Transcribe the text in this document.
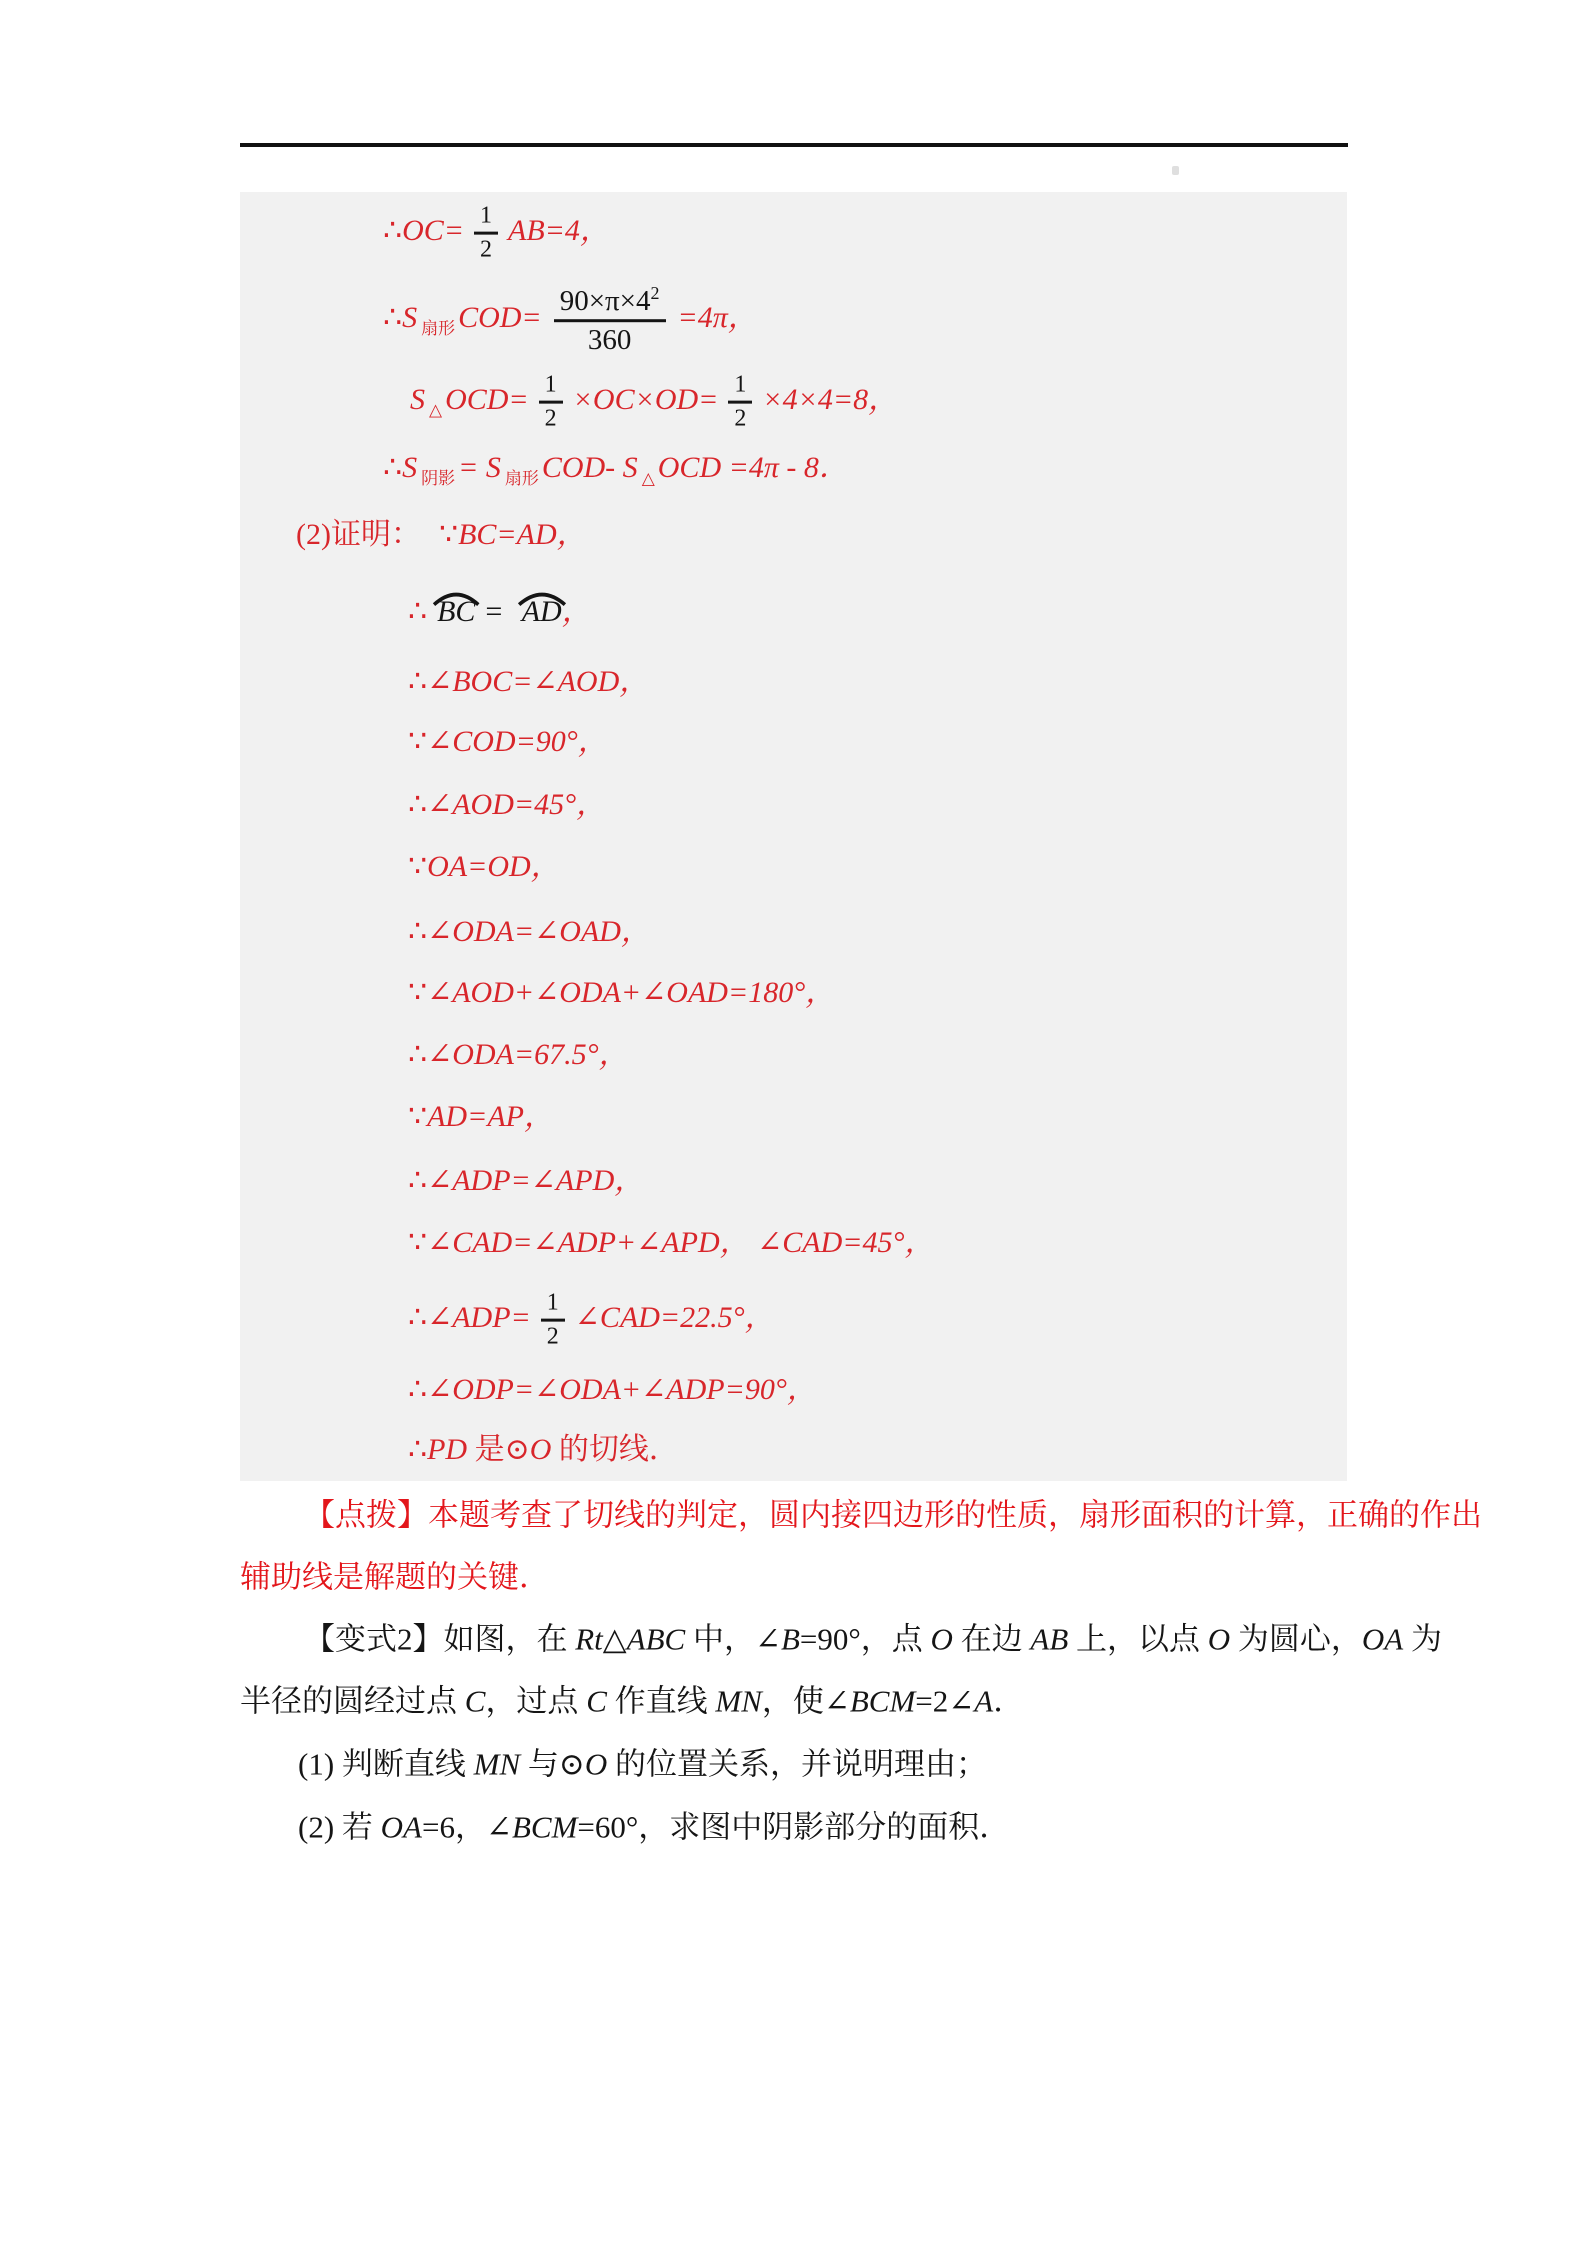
∴OC= $\frac{1}{2} AB=4$，
∴S $_{扇形}$ $COD= \frac{90\times\pi\times 4^2}{360} =4\pi$，
S $_\triangle$ $OCD= \frac{1}{2} \times OC\times OD= \frac{1}{2} \times 4\times 4=8$，
∴S $_{阴影}$ = S $_{扇形}$ COD- S $_\triangle$ OCD =4π - 8．
(2)证明： ∵BC=AD，
∴ BC = AD，
∴∠BOC=∠AOD，
∵∠COD=90°，
∴∠AOD=45°，
∵OA=OD，
∴∠ODA=∠OAD，
∵∠AOD+∠ODA+∠OAD=180°，
∴∠ODA=67.5°，
∵AD=AP，
∴∠ADP=∠APD，
∵∠CAD=∠ADP+∠APD， ∠CAD=45°，
∴∠ADP= $\frac{1}{2}$ ∠CAD=22.5°，
∴∠ODP=∠ODA+∠ADP=90°，
∴PD 是⊙O 的切线．
【点拨】本题考查了切线的判定，圆内接四边形的性质，扇形面积的计算，正确的作出
辅助线是解题的关键．
【变式2】如图，在 Rt△ABC 中，∠B=90°，点 O 在边 AB 上，以点 O 为圆心，OA 为
半径的圆经过点 C，过点 C 作直线 MN，使∠BCM=2∠A．
(1) 判断直线 MN 与⊙O 的位置关系，并说明理由；
(2) 若 OA=6，∠BCM=60°，求图中阴影部分的面积．
